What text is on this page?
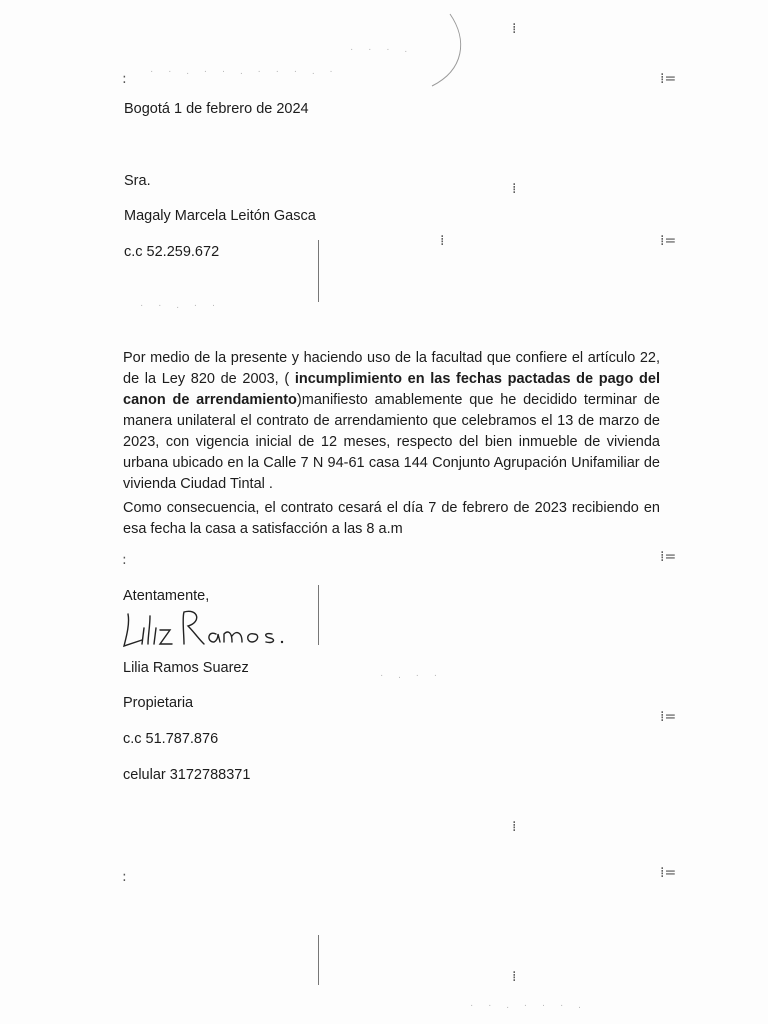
· · . · · . · · · . ·
· · · .
· · . · ·
· . · ·
· · . · · · .
⁞=
⁞=
⁞=
⁞=
⁞=
⁞
⁞
⁞
⁞
:
:
:
⁞
Bogotá 1 de febrero de 2024
Sra.
Magaly Marcela Leitón Gasca
c.c 52.259.672
Por medio de la presente y haciendo uso de la facultad que confiere el artículo 22, de la Ley 820 de 2003, ( incumplimiento en las fechas pactadas de pago del canon de arrendamiento)manifiesto amablemente que he decidido terminar de manera unilateral el contrato de arrendamiento que celebramos el 13 de marzo de 2023, con vigencia inicial de 12 meses, respecto del bien inmueble de vivienda urbana ubicado en la Calle 7 N 94-61 casa 144 Conjunto Agrupación Unifamiliar de vivienda Ciudad Tintal .
Como consecuencia, el contrato cesará el día 7 de febrero de 2023 recibiendo en esa fecha la casa a satisfacción a las 8 a.m
Atentamente,
Lilia Ramos Suarez
Propietaria
c.c 51.787.876
celular 3172788371
